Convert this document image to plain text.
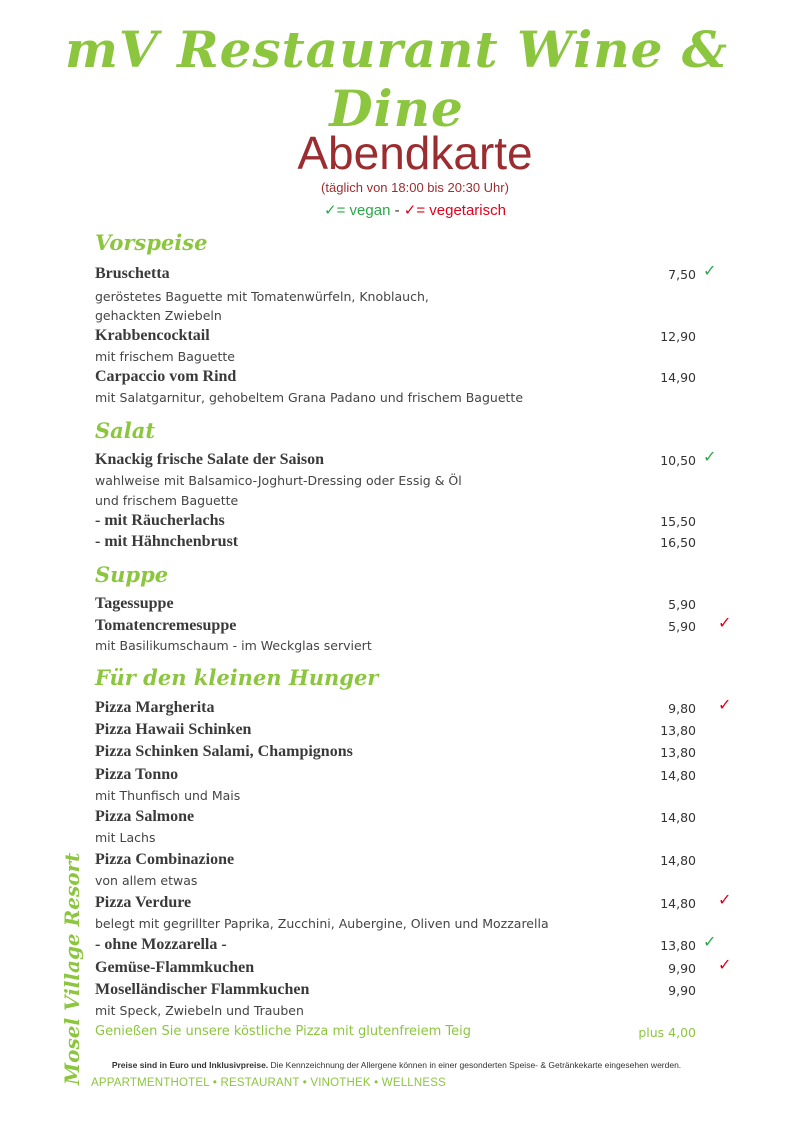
mV Restaurant Wine & Dine
Abendkarte
(täglich von 18:00 bis 20:30 Uhr)
✓= vegan - ✓= vegetarisch
Vorspeise
Salat
Suppe
Für den kleinen Hunger
Bruschetta	7,50 ✓
geröstetes Baguette mit Tomatenwürfeln, Knoblauch,
gehackten Zwiebeln
Krabbencocktail	12,90
mit frischem Baguette
Carpaccio vom Rind	14,90
mit Salatgarnitur, gehobeltem Grana Padano und frischem Baguette
Knackig frische Salate der Saison	10,50 ✓
wahlweise mit Balsamico-Joghurt-Dressing oder Essig & Öl
und frischem Baguette
- mit Räucherlachs	15,50
- mit Hähnchenbrust	16,50
Tagessuppe	5,90
Tomatencremesuppe	5,90 ✓
mit Basilikumschaum - im Weckglas serviert
Pizza Margherita	9,80 ✓
Pizza Hawaii Schinken	13,80
Pizza Schinken Salami, Champignons	13,80
Pizza Tonno	14,80
mit Thunfisch und Mais
Pizza Salmone	14,80
mit Lachs
Pizza Combinazione	14,80
von allem etwas
Pizza Verdure	14,80 ✓
belegt mit gegrillter Paprika, Zucchini, Aubergine, Oliven und Mozzarella
- ohne Mozzarella -	13,80 ✓
Gemüse-Flammkuchen	9,90 ✓
Moselländischer Flammkuchen	9,90
mit Speck, Zwiebeln und Trauben
Genießen Sie unsere köstliche Pizza mit glutenfreiem Teig	plus 4,00
Preise sind in Euro und Inklusivpreise. Die Kennzeichnung der Allergene können in einer gesonderten Speise- & Getränkekarte eingesehen werden.
APPARTMENTHOTEL • RESTAURANT • VINOTHEK • WELLNESS
Mosel Village Resort
